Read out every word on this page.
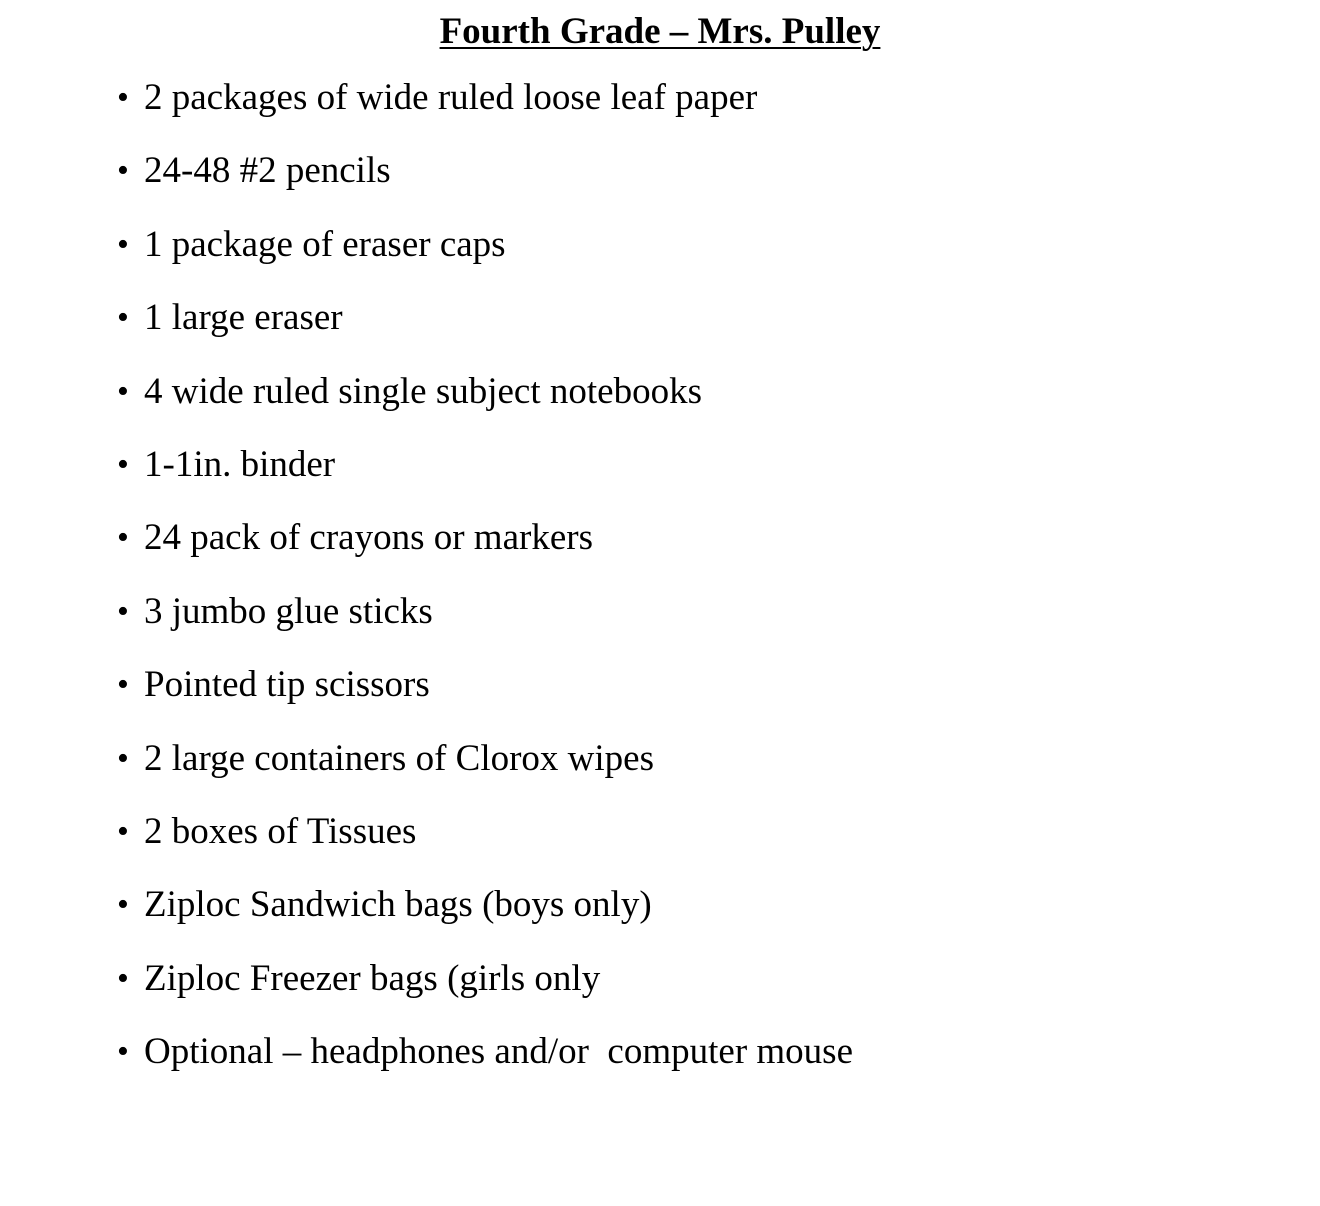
Fourth Grade – Mrs. Pulley

•

2 packages of wide ruled loose leaf paper

•

24-48 #2 pencils

•

1 package of eraser caps

•

1 large eraser

•

4 wide ruled single subject notebooks

•

1-1in. binder

•

24 pack of crayons or markers

•

3 jumbo glue sticks

•

Pointed tip scissors

•

2 large containers of Clorox wipes

•

2 boxes of Tissues

•

Ziploc Sandwich bags (boys only)

•

Ziploc Freezer bags (girls only

•

Optional – headphones and/or  computer mouse
